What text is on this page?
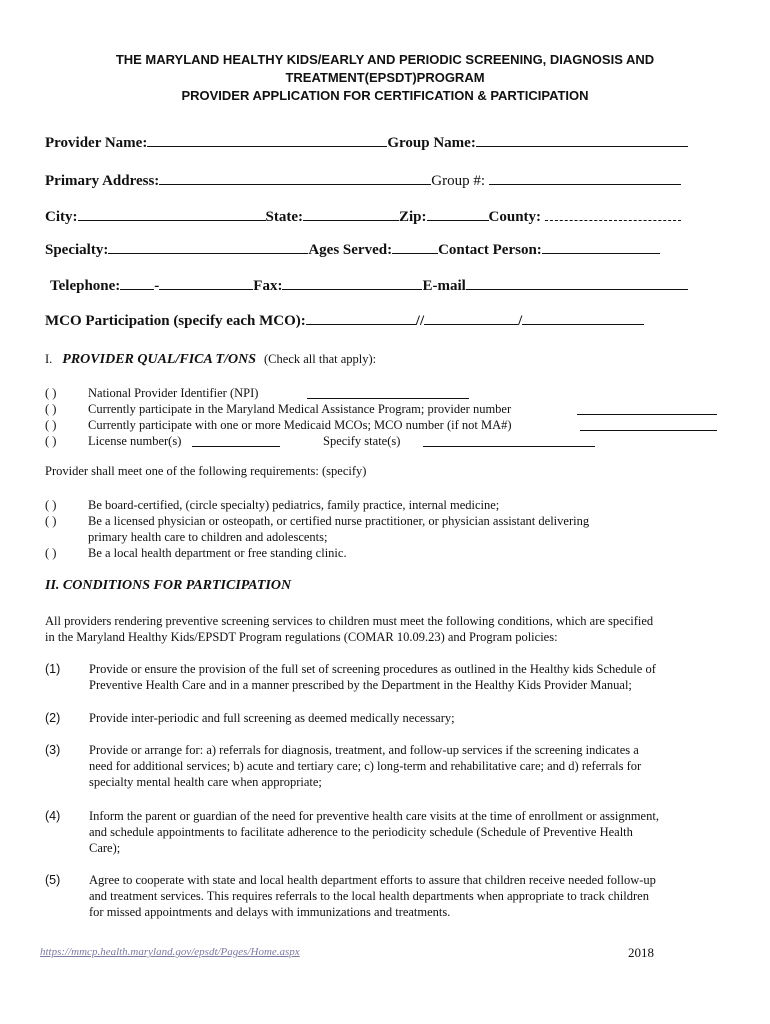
THE MARYLAND HEALTHY KIDS/EARLY AND PERIODIC SCREENING, DIAGNOSIS AND
TREATMENT(EPSDT)PROGRAM
PROVIDER APPLICATION FOR CERTIFICATION & PARTICIPATION
Provider Name:	Group Name:
Primary Address:	Group #:
City:	State:	Zip:	County:
Specialty:	Ages Served:	Contact Person:
Telephone: -	Fax:	E-mail
MCO Participation (specify each MCO):	//	/
I. PROVIDER QUAL/FICA T/ONS (Check all that apply):
( )	National Provider Identifier (NPI)
( )	Currently participate in the Maryland Medical Assistance Program; provider number
( )	Currently participate with one or more Medicaid MCOs; MCO number (if not MA#)
( )	License number(s)	Specify state(s)
Provider shall meet one of the following requirements: (specify)
( )	Be board-certified, (circle specialty) pediatrics, family practice, internal medicine;
( )	Be a licensed physician or osteopath, or certified nurse practitioner, or physician assistant delivering
primary health care to children and adolescents;
( )	Be a local health department or free standing clinic.
II. CONDITIONS FOR PARTICIPATION
All providers rendering preventive screening services to children must meet the following conditions, which are specified
in the Maryland Healthy Kids/EPSDT Program regulations (COMAR 10.09.23) and Program policies:
(1) Provide or ensure the provision of the full set of screening procedures as outlined in the Healthy kids Schedule of
Preventive Health Care and in a manner prescribed by the Department in the Healthy Kids Provider Manual;
(2) Provide inter-periodic and full screening as deemed medically necessary;
(3) Provide or arrange for: a) referrals for diagnosis, treatment, and follow-up services if the screening indicates a
need for additional services; b) acute and tertiary care; c) long-term and rehabilitative care; and d) referrals for
specialty mental health care when appropriate;
(4) Inform the parent or guardian of the need for preventive health care visits at the time of enrollment or assignment,
and schedule appointments to facilitate adherence to the periodicity schedule (Schedule of Preventive Health
Care);
(5) Agree to cooperate with state and local health department efforts to assure that children receive needed follow-up
and treatment services. This requires referrals to the local health departments when appropriate to track children
for missed appointments and delays with immunizations and treatments.
https://mmcp.health.maryland.gov/epsdt/Pages/Home.aspx	2018
